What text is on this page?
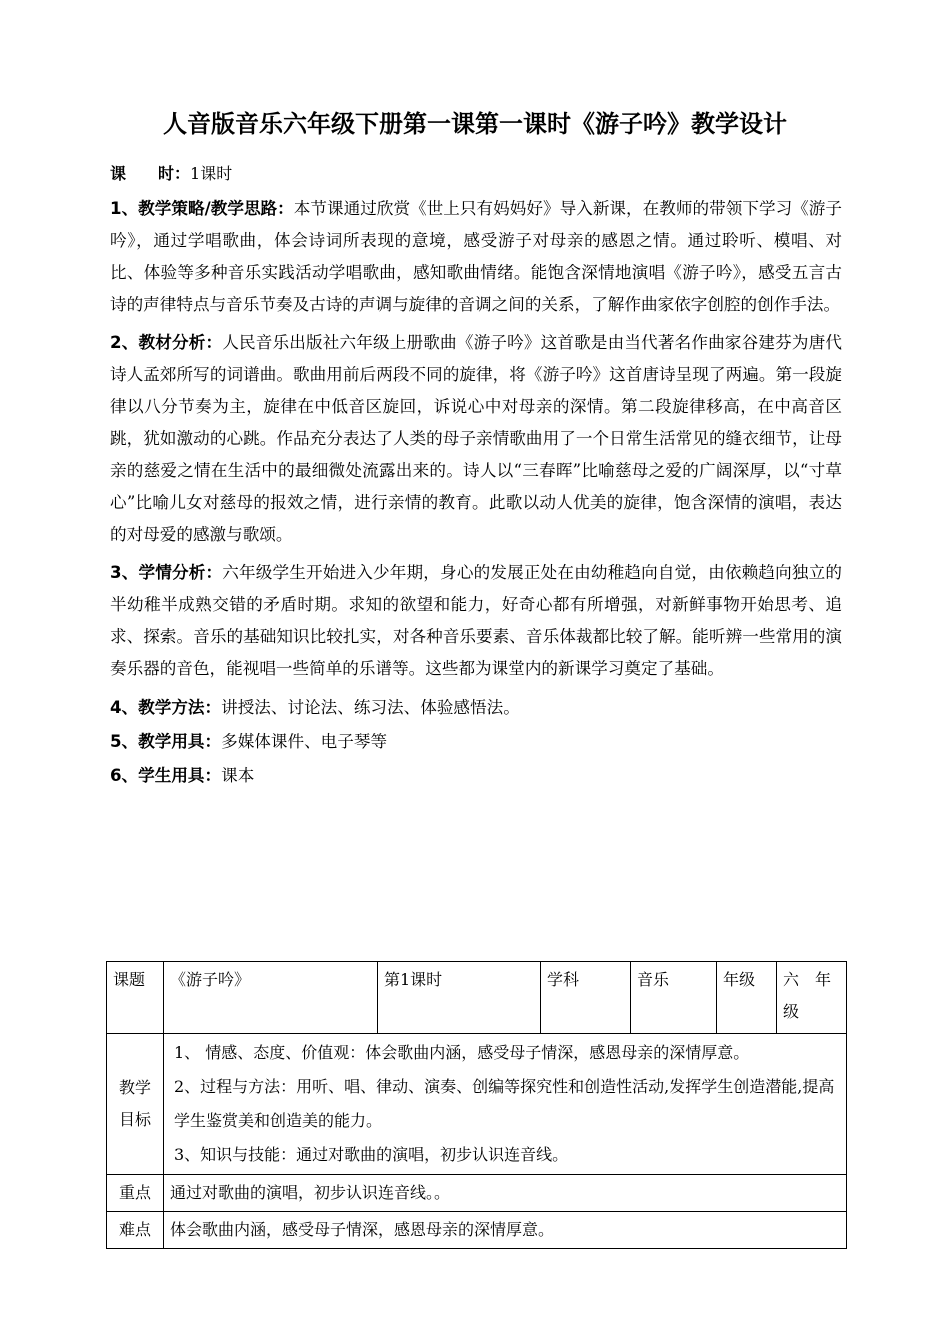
人音版音乐六年级下册第一课第一课时《游子吟》教学设计
课　　时：1课时

1、教学策略/教学思路：本节课通过欣赏《世上只有妈妈好》导入新课，在教师的带领下学习《游子吟》，通过学唱歌曲，体会诗词所表现的意境，感受游子对母亲的感恩之情。通过聆听、模唱、对比、体验等多种音乐实践活动学唱歌曲，感知歌曲情绪。能饱含深情地演唱《游子吟》，感受五言古诗的声律特点与音乐节奏及古诗的声调与旋律的音调之间的关系，了解作曲家依字创腔的创作手法。

2、教材分析：人民音乐出版社六年级上册歌曲《游子吟》这首歌是由当代著名作曲家谷建芬为唐代诗人孟郊所写的词谱曲。歌曲用前后两段不同的旋律，将《游子吟》这首唐诗呈现了两遍。第一段旋律以八分节奏为主，旋律在中低音区旋回，诉说心中对母亲的深情。第二段旋律移高，在中高音区跳，犹如激动的心跳。作品充分表达了人类的母子亲情歌曲用了一个日常生活常见的缝衣细节，让母亲的慈爱之情在生活中的最细微处流露出来的。诗人以“三春晖”比喻慈母之爱的广阔深厚，以“寸草心”比喻儿女对慈母的报效之情，进行亲情的教育。此歌以动人优美的旋律，饱含深情的演唱，表达的对母爱的感激与歌颂。

3、学情分析：六年级学生开始进入少年期，身心的发展正处在由幼稚趋向自觉，由依赖趋向独立的半幼稚半成熟交错的矛盾时期。求知的欲望和能力，好奇心都有所增强，对新鲜事物开始思考、追求、探索。音乐的基础知识比较扎实，对各种音乐要素、音乐体裁都比较了解。能听辨一些常用的演奏乐器的音色，能视唱一些简单的乐谱等。这些都为课堂内的新课学习奠定了基础。

4、教学方法：讲授法、讨论法、练习法、体验感悟法。

5、教学用具：多媒体课件、电子琴等

6、学生用具：课本

课题	《游子吟》	第1课时	学科	音乐	年级	六　年级
教学目标	1、 情感、态度、价值观：体会歌曲内涵，感受母子情深，感恩母亲的深情厚意。
2、过程与方法：用听、唱、律动、演奏、创编等探究性和创造性活动,发挥学生创造潜能,提高学生鉴赏美和创造美的能力。
3、知识与技能：通过对歌曲的演唱，初步认识连音线。					

重点	通过对歌曲的演唱，初步认识连音线。。					
难点	体会歌曲内涵，感受母子情深，感恩母亲的深情厚意。					
